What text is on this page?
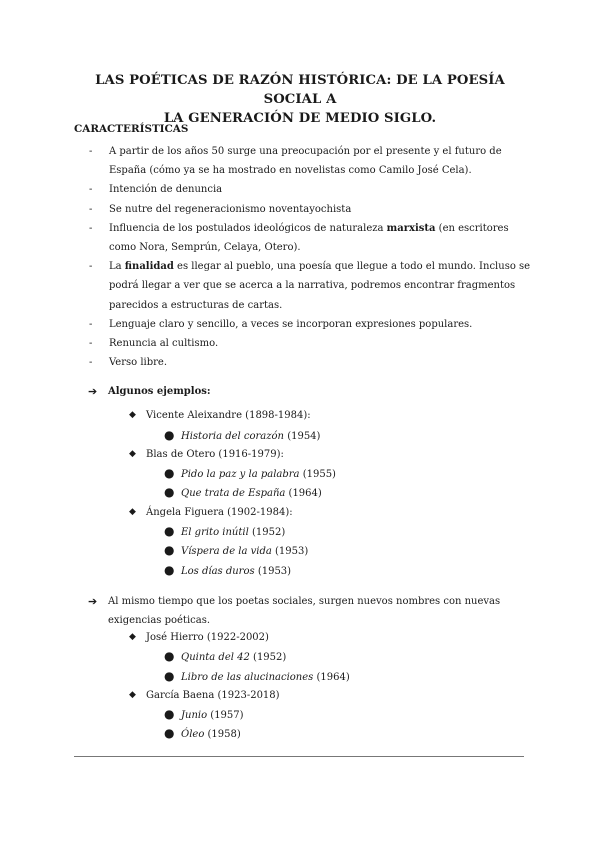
LAS POÉTICAS DE RAZÓN HISTÓRICA: DE LA POESÍA SOCIAL A
LA GENERACIÓN DE MEDIO SIGLO.
CARACTERÍSTICAS
- A partir de los años 50 surge una preocupación por el presente y el futuro de España (cómo ya se ha mostrado en novelistas como Camilo José Cela).
- Intención de denuncia
- Se nutre del regeneracionismo noventayochista
- Influencia de los postulados ideológicos de naturaleza marxista (en escritores como Nora, Semprún, Celaya, Otero).
- La finalidad es llegar al pueblo, una poesía que llegue a todo el mundo. Incluso se podrá llegar a ver que se acerca a la narrativa, podremos encontrar fragmentos parecidos a estructuras de cartas.
- Lenguaje claro y sencillo, a veces se incorporan expresiones populares.
- Renuncia al cultismo.
- Verso libre.
➔	Algunos ejemplos:
◆ Vicente Aleixandre (1898-1984):
● Historia del corazón (1954)
◆ Blas de Otero (1916-1979):
● Pido la paz y la palabra (1955)
● Que trata de España (1964)
◆ Ángela Figuera (1902-1984):
● El grito inútil (1952)
● Víspera de la vida (1953)
● Los días duros (1953)
➔	Al mismo tiempo que los poetas sociales, surgen nuevos nombres con nuevas exigencias poéticas.
◆ José Hierro (1922-2002)
● Quinta del 42 (1952)
● Libro de las alucinaciones (1964)
◆ García Baena (1923-2018)
● Junio (1957)
● Óleo (1958)
